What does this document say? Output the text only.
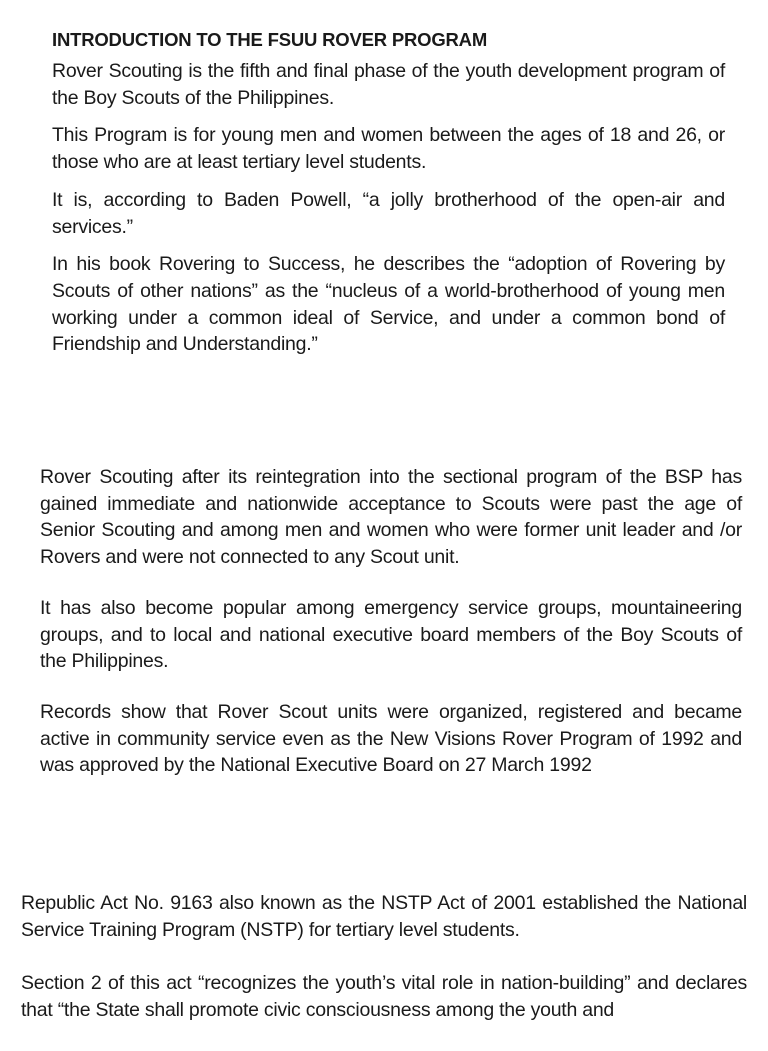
INTRODUCTION TO THE FSUU ROVER PROGRAM

Rover Scouting is the fifth and final phase of the youth development program of the Boy Scouts of the Philippines.

This Program is for young men and women between the ages of 18 and 26, or those who are at least tertiary level students.

It is, according to Baden Powell, “a jolly brotherhood of the open-air and services.”

In his book Rovering to Success, he describes the “adoption of Rovering by Scouts of other nations” as the “nucleus of a world-brotherhood of young men working under a common ideal of Service, and under a common bond of Friendship and Understanding.”

Rover Scouting after its reintegration into the sectional program of the BSP has gained immediate and nationwide acceptance to Scouts were past the age of Senior Scouting and among men and women who were former unit leader and /or Rovers and were not connected to any Scout unit.

It has also become popular among emergency service groups, mountaineering groups, and to local and national executive board members of the Boy Scouts of the Philippines.

Records show that Rover Scout units were organized, registered and became active in community service even as the New Visions Rover Program of 1992 and was approved by the National Executive Board on 27 March 1992

Republic Act No. 9163 also known as the NSTP Act of 2001 established the National Service Training Program (NSTP) for tertiary level students.

Section 2 of this act “recognizes the youth’s vital role in nation-building” and declares that “the State shall promote civic consciousness among the youth and
